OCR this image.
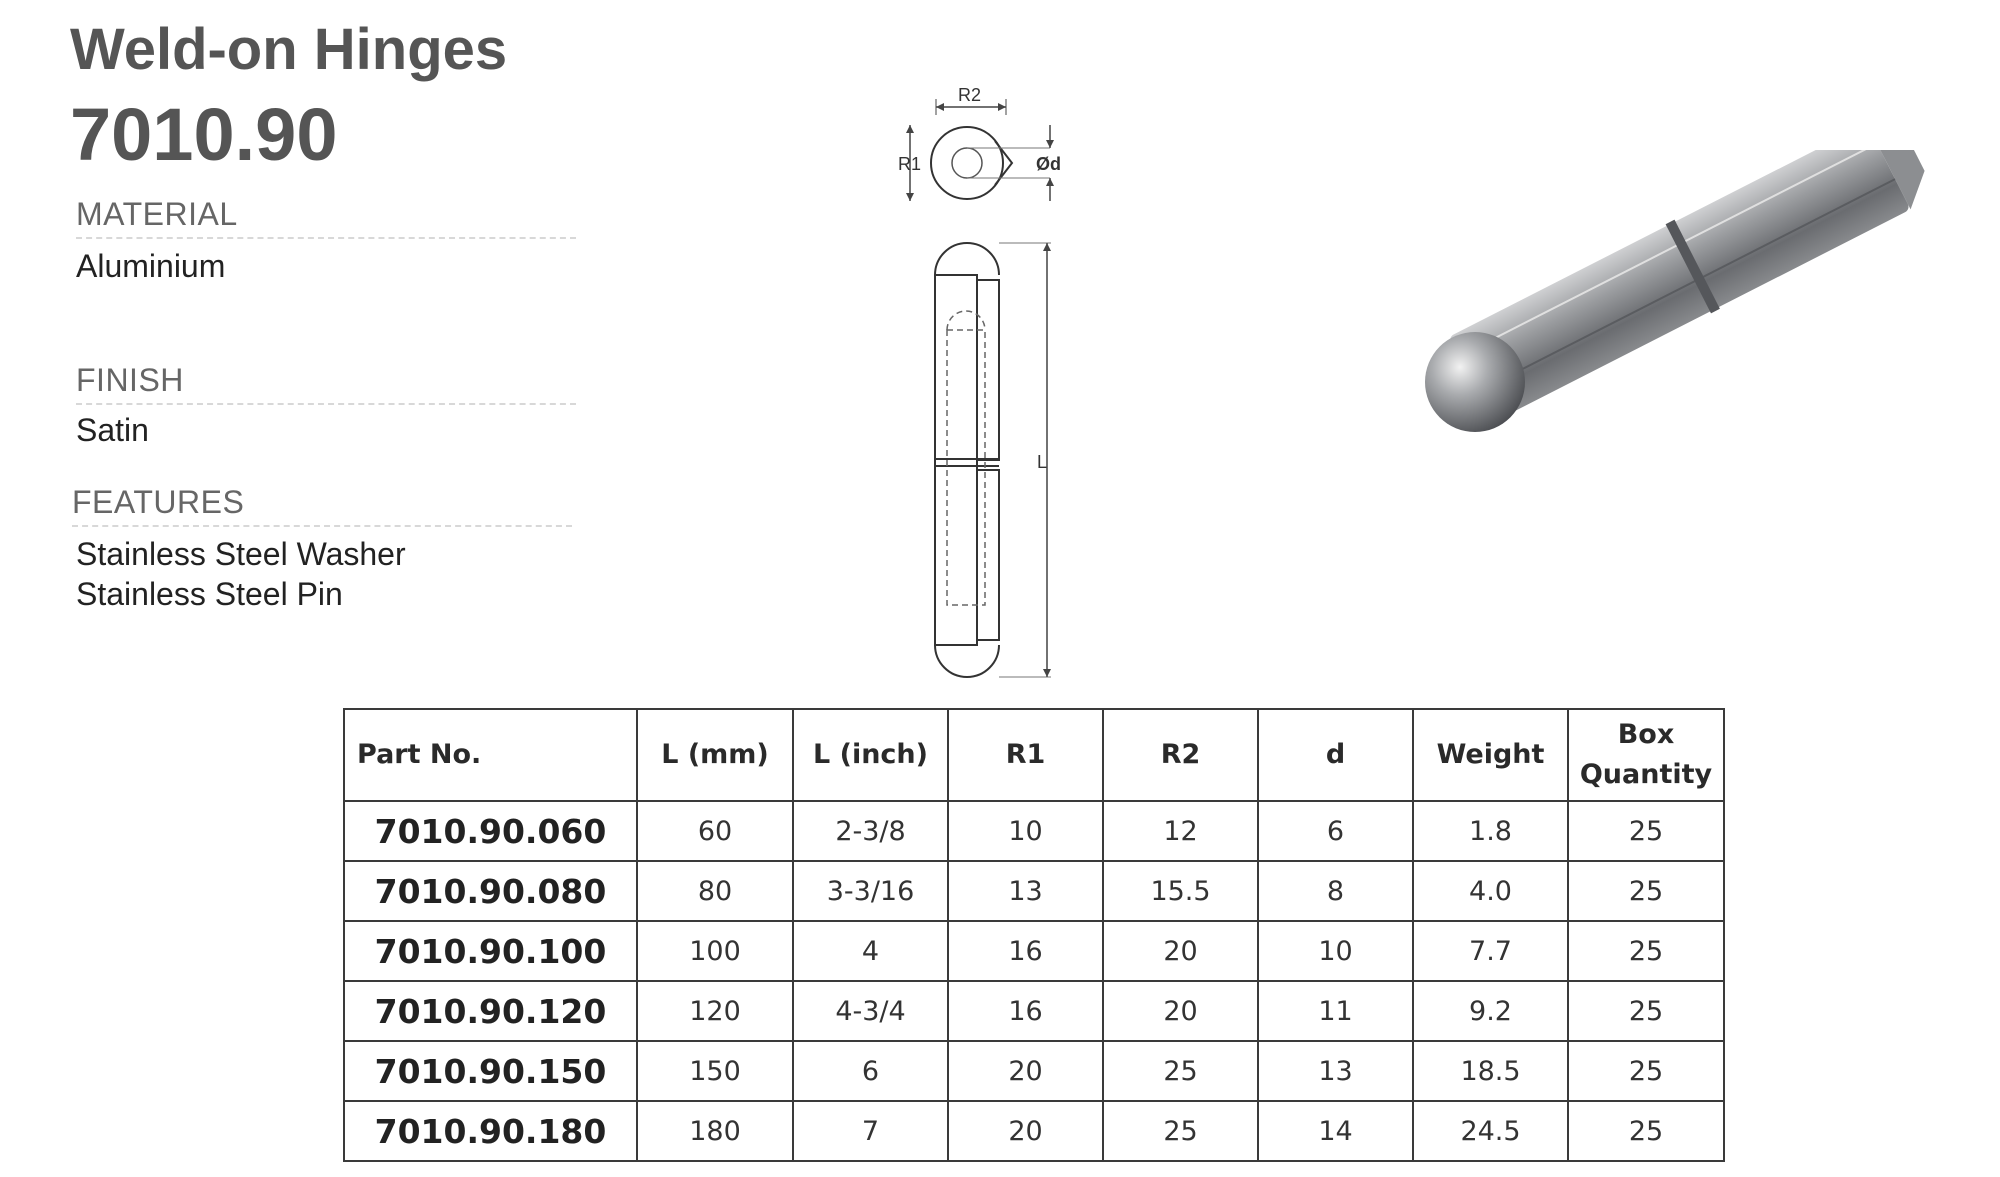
Weld-on Hinges
7010.90
MATERIAL
Aluminium
FINISH
Satin
FEATURES
Stainless Steel Washer
Stainless Steel Pin
R2
R1	Ød
L
Part No.	L (mm)	L (inch)	R1	R2	d	Weight	Box
Quantity
7010.90.060	60	2-3/8	10	12	6	1.8	25
7010.90.080	80	3-3/16	13	15.5	8	4.0	25
7010.90.100	100	4	16	20	10	7.7	25
7010.90.120	120	4-3/4	16	20	11	9.2	25
7010.90.150	150	6	20	25	13	18.5	25
7010.90.180	180	7	20	25	14	24.5	25
